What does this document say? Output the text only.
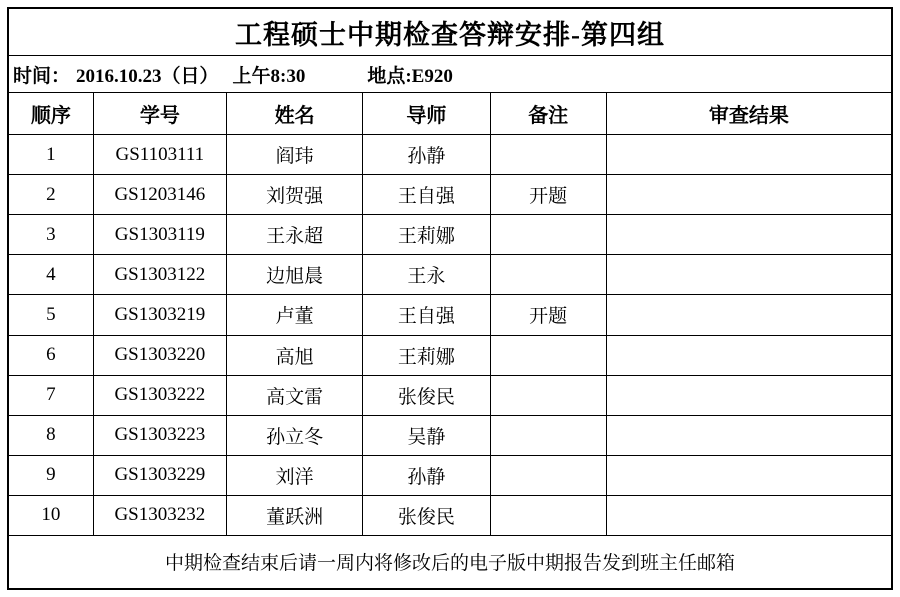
工程硕士中期检查答辩安排-第四组					
时间： 2016.10.23（日） 上午8:30 地点:E920					
顺序	学号	姓名	导师	备注	审查结果
1	GS1103111	阎玮	孙静		
2	GS1203146	刘贺强	王自强	开题	
3	GS1303119	王永超	王莉娜		
4	GS1303122	边旭晨	王永		
5	GS1303219	卢董	王自强	开题	
6	GS1303220	高旭	王莉娜		
7	GS1303222	高文雷	张俊民		
8	GS1303223	孙立冬	吴静		
9	GS1303229	刘洋	孙静		
10	GS1303232	董跃洲	张俊民		
中期检查结束后请一周内将修改后的电子版中期报告发到班主任邮箱					
